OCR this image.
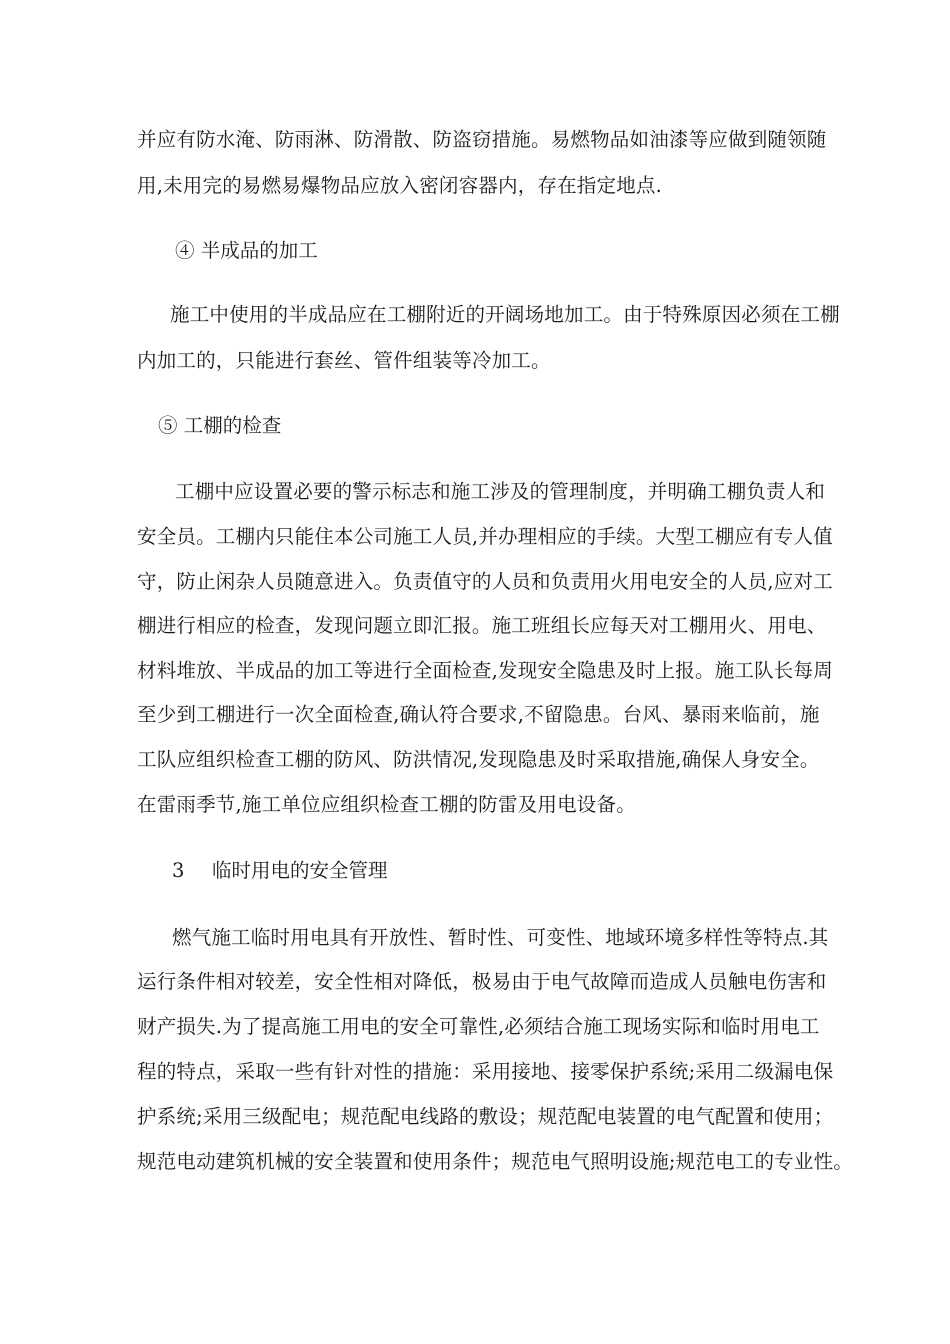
并应有防水淹、防雨淋、防滑散、防盗窃措施。易燃物品如油漆等应做到随领随
用,未用完的易燃易爆物品应放入密闭容器内，存在指定地点.
④ 半成品的加工
施工中使用的半成品应在工棚附近的开阔场地加工。由于特殊原因必须在工棚
内加工的，只能进行套丝、管件组装等冷加工。
⑤ 工棚的检查
工棚中应设置必要的警示标志和施工涉及的管理制度，并明确工棚负责人和
安全员。工棚内只能住本公司施工人员,并办理相应的手续。大型工棚应有专人值
守，防止闲杂人员随意进入。负责值守的人员和负责用火用电安全的人员,应对工
棚进行相应的检查，发现问题立即汇报。施工班组长应每天对工棚用火、用电、
材料堆放、半成品的加工等进行全面检查,发现安全隐患及时上报。施工队长每周
至少到工棚进行一次全面检查,确认符合要求,不留隐患。台风、暴雨来临前，施
工队应组织检查工棚的防风、防洪情况,发现隐患及时采取措施,确保人身安全。
在雷雨季节,施工单位应组织检查工棚的防雷及用电设备。
3 临时用电的安全管理
燃气施工临时用电具有开放性、暂时性、可变性、地域环境多样性等特点.其
运行条件相对较差，安全性相对降低，极易由于电气故障而造成人员触电伤害和
财产损失.为了提高施工用电的安全可靠性,必须结合施工现场实际和临时用电工
程的特点，采取一些有针对性的措施：采用接地、接零保护系统;采用二级漏电保
护系统;采用三级配电；规范配电线路的敷设；规范配电装置的电气配置和使用；
规范电动建筑机械的安全装置和使用条件；规范电气照明设施;规范电工的专业性。
